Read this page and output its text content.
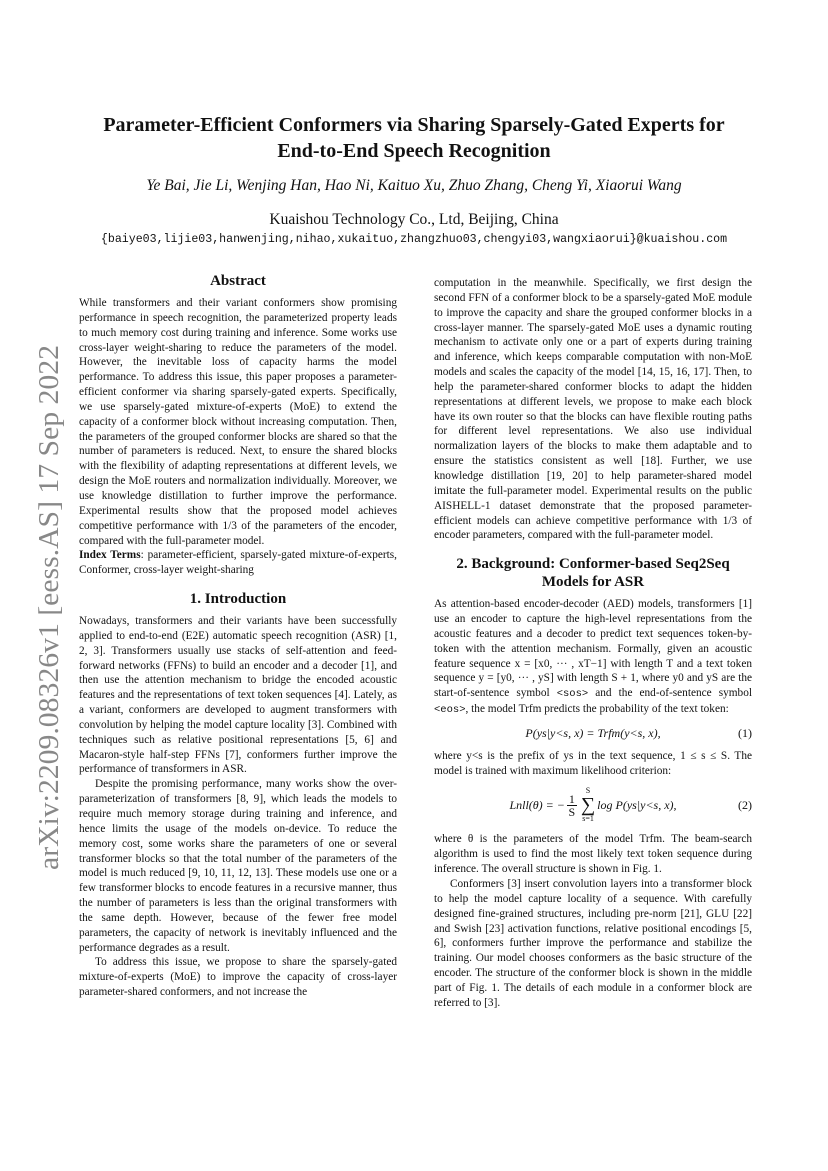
arXiv:2209.08326v1 [eess.AS] 17 Sep 2022
Parameter-Efficient Conformers via Sharing Sparsely-Gated Experts for
End-to-End Speech Recognition
Ye Bai, Jie Li, Wenjing Han, Hao Ni, Kaituo Xu, Zhuo Zhang, Cheng Yi, Xiaorui Wang
Kuaishou Technology Co., Ltd, Beijing, China
{baiye03,lijie03,hanwenjing,nihao,xukaituo,zhangzhuo03,chengyi03,wangxiaorui}@kuaishou.com
Abstract

While transformers and their variant conformers show promising performance in speech recognition, the parameterized property leads to much memory cost during training and inference. Some works use cross-layer weight-sharing to reduce the parameters of the model. However, the inevitable loss of capacity harms the model performance. To address this issue, this paper proposes a parameter-efficient conformer via sharing sparsely-gated experts. Specifically, we use sparsely-gated mixture-of-experts (MoE) to extend the capacity of a conformer block without increasing computation. Then, the parameters of the grouped conformer blocks are shared so that the number of parameters is reduced. Next, to ensure the shared blocks with the flexibility of adapting representations at different levels, we design the MoE routers and normalization individually. Moreover, we use knowledge distillation to further improve the performance. Experimental results show that the proposed model achieves competitive performance with 1/3 of the parameters of the encoder, compared with the full-parameter model.

Index Terms: parameter-efficient, sparsely-gated mixture-of-experts, Conformer, cross-layer weight-sharing

1. Introduction

Nowadays, transformers and their variants have been successfully applied to end-to-end (E2E) automatic speech recognition (ASR) [1, 2, 3]. Transformers usually use stacks of self-attention and feed-forward networks (FFNs) to build an encoder and a decoder [1], and then use the attention mechanism to bridge the encoded acoustic features and the representations of text token sequences [4]. Lately, as a variant, conformers are developed to augment transformers with convolution by helping the model capture locality [3]. Combined with techniques such as relative positional representations [5, 6] and Macaron-style half-step FFNs [7], conformers further improve the performance of transformers in ASR.

Despite the promising performance, many works show the over-parameterization of transformers [8, 9], which leads the models to require much memory storage during training and inference, and hence limits the usage of the models on-device. To reduce the memory cost, some works share the parameters of one or several transformer blocks so that the total number of the parameters of the model is much reduced [9, 10, 11, 12, 13]. These models use one or a few transformer blocks to encode features in a recursive manner, thus the number of parameters is less than the original transformers with the same depth. However, because of the fewer free model parameters, the capacity of network is inevitably influenced and the performance degrades as a result.

To address this issue, we propose to share the sparsely-gated mixture-of-experts (MoE) to improve the capacity of cross-layer parameter-shared conformers, and not increase the

computation in the meanwhile. Specifically, we first design the second FFN of a conformer block to be a sparsely-gated MoE module to improve the capacity and share the grouped conformer blocks in a cross-layer manner. The sparsely-gated MoE uses a dynamic routing mechanism to activate only one or a part of experts during training and inference, which keeps comparable computation with non-MoE models and scales the capacity of the model [14, 15, 16, 17]. Then, to help the parameter-shared conformer blocks to adapt the hidden representations at different levels, we propose to make each block have its own router so that the blocks can have flexible routing paths for different level representations. We also use individual normalization layers of the blocks to make them adaptable and to ensure the statistics consistent as well [18]. Further, we use knowledge distillation [19, 20] to help parameter-shared model imitate the full-parameter model. Experimental results on the public AISHELL-1 dataset demonstrate that the proposed parameter-efficient models can achieve competitive performance with 1/3 of encoder parameters, compared with the full-parameter model.

2. Background: Conformer-based Seq2Seq Models for ASR

As attention-based encoder-decoder (AED) models, transformers [1] use an encoder to capture the high-level representations from the acoustic features and a decoder to predict text sequences token-by-token with the attention mechanism. Formally, given an acoustic feature sequence x = [x0, ··· , xT−1] with length T and a text token sequence y = [y0, ··· , yS] with length S + 1, where y0 and yS are the start-of-sentence symbol <sos> and the end-of-sentence symbol <eos>, the model Trfm predicts the probability of the text token:

P(ys|y<s, x) = Trfm(y<s, x),	(1)

where y<s is the prefix of ys in the text sequence, 1 ≤ s ≤ S. The model is trained with maximum likelihood criterion:

Lnll(θ) = − $\frac{1}{S}$
S
∑
s=1
log P(ys|y<s, x),	(2)

where θ is the parameters of the model Trfm. The beam-search algorithm is used to find the most likely text token sequence during inference. The overall structure is shown in Fig. 1.

Conformers [3] insert convolution layers into a transformer block to help the model capture locality of a sequence. With carefully designed fine-grained structures, including pre-norm [21], GLU [22] and Swish [23] activation functions, relative positional encodings [5, 6], conformers further improve the performance and stabilize the training. Our model chooses conformers as the basic structure of the encoder. The structure of the conformer block is shown in the middle part of Fig. 1. The details of each module in a conformer block are referred to [3].
